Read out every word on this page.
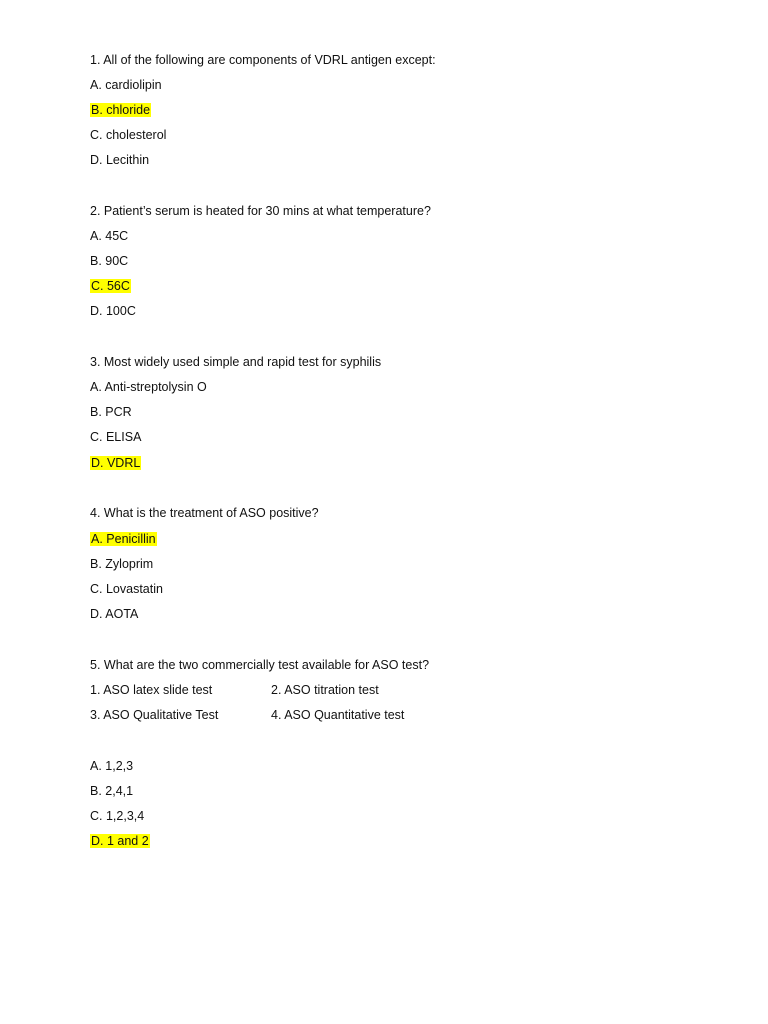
1. All of the following are components of VDRL antigen except:
A. cardiolipin
B. chloride
C. cholesterol
D. Lecithin
2. Patient’s serum is heated for 30 mins at what temperature?
A. 45C
B. 90C
C. 56C
D. 100C
3. Most widely used simple and rapid test for syphilis
A. Anti-streptolysin O
B. PCR
C. ELISA
D. VDRL
4. What is the treatment of ASO positive?
A. Penicillin
B. Zyloprim
C. Lovastatin
D. AOTA
5. What are the two commercially test available for ASO test?
1. ASO latex slide test	2. ASO titration test
3. ASO Qualitative Test	4. ASO Quantitative test
A. 1,2,3
B. 2,4,1
C. 1,2,3,4
D. 1 and 2
